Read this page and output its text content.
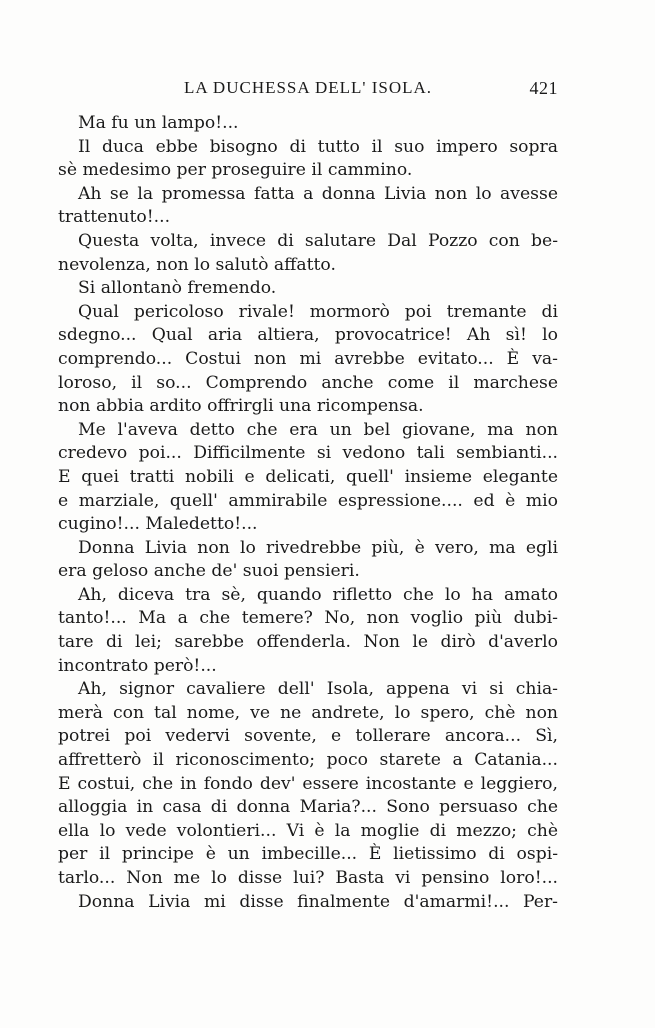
LA DUCHESSA DELL' ISOLA.	421
Ma fu un lampo!...
Il duca ebbe bisogno di tutto il suo impero sopra
sè medesimo per proseguire il cammino.
Ah se la promessa fatta a donna Livia non lo avesse
trattenuto!...
Questa volta, invece di salutare Dal Pozzo con be-
nevolenza, non lo salutò affatto.
Si allontanò fremendo.
Qual pericoloso rivale! mormorò poi tremante di
sdegno... Qual aria altiera, provocatrice! Ah sì! lo
comprendo... Costui non mi avrebbe evitato... È va-
loroso, il so... Comprendo anche come il marchese
non abbia ardito offrirgli una ricompensa.
Me l'aveva detto che era un bel giovane, ma non
credevo poi... Difficilmente si vedono tali sembianti...
E quei tratti nobili e delicati, quell' insieme elegante
e marziale, quell' ammirabile espressione.... ed è mio
cugino!... Maledetto!...
Donna Livia non lo rivedrebbe più, è vero, ma egli
era geloso anche de' suoi pensieri.
Ah, diceva tra sè, quando rifletto che lo ha amato
tanto!... Ma a che temere? No, non voglio più dubi-
tare di lei; sarebbe offenderla. Non le dirò d'averlo
incontrato però!...
Ah, signor cavaliere dell' Isola, appena vi si chia-
merà con tal nome, ve ne andrete, lo spero, chè non
potrei poi vedervi sovente, e tollerare ancora... Sì,
affretterò il riconoscimento; poco starete a Catania...
E costui, che in fondo dev' essere incostante e leggiero,
alloggia in casa di donna Maria?... Sono persuaso che
ella lo vede volontieri... Vi è la moglie di mezzo; chè
per il principe è un imbecille... È lietissimo di ospi-
tarlo... Non me lo disse lui? Basta vi pensino loro!...
Donna Livia mi disse finalmente d'amarmi!... Per-
